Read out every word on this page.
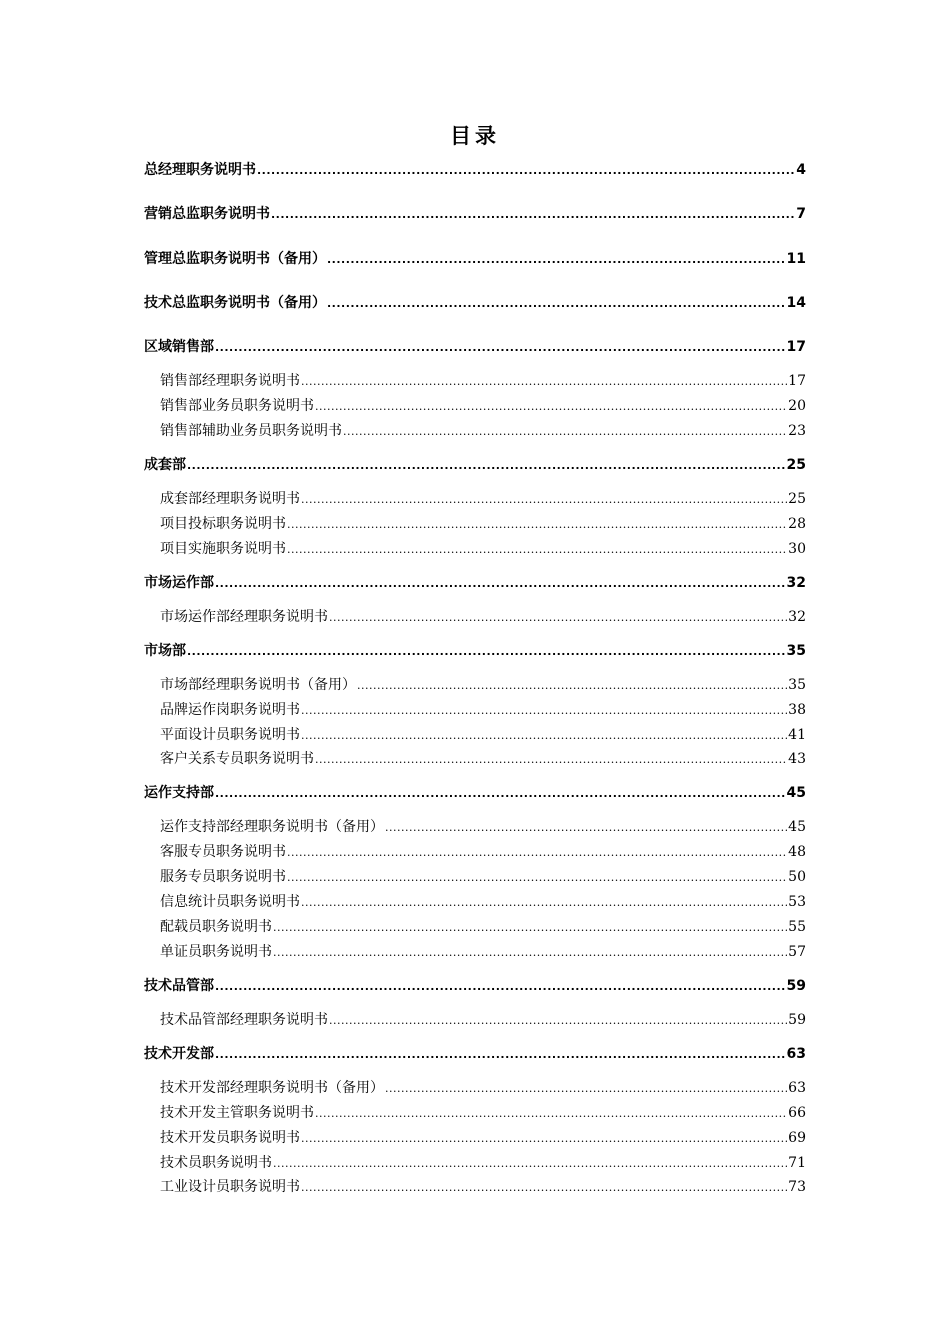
目录
总经理职务说明书 .....	4
营销总监职务说明书 .....	7
管理总监职务说明书（备用） .....	11
技术总监职务说明书（备用） .....	14
区域销售部 .....	17
销售部经理职务说明书 .....	17
销售部业务员职务说明书 .....	20
销售部辅助业务员职务说明书 .....	23
成套部 .....	25
成套部经理职务说明书 .....	25
项目投标职务说明书 .....	28
项目实施职务说明书 .....	30
市场运作部 .....	32
市场运作部经理职务说明书 .....	32
市场部 .....	35
市场部经理职务说明书（备用） .....	35
品牌运作岗职务说明书 .....	38
平面设计员职务说明书 .....	41
客户关系专员职务说明书 .....	43
运作支持部 .....	45
运作支持部经理职务说明书（备用） .....	45
客服专员职务说明书 .....	48
服务专员职务说明书 .....	50
信息统计员职务说明书 .....	53
配载员职务说明书 .....	55
单证员职务说明书 .....	57
技术品管部 .....	59
技术品管部经理职务说明书 .....	59
技术开发部 .....	63
技术开发部经理职务说明书（备用） .....	63
技术开发主管职务说明书 .....	66
技术开发员职务说明书 .....	69
技术员职务说明书 .....	71
工业设计员职务说明书 .....	73
